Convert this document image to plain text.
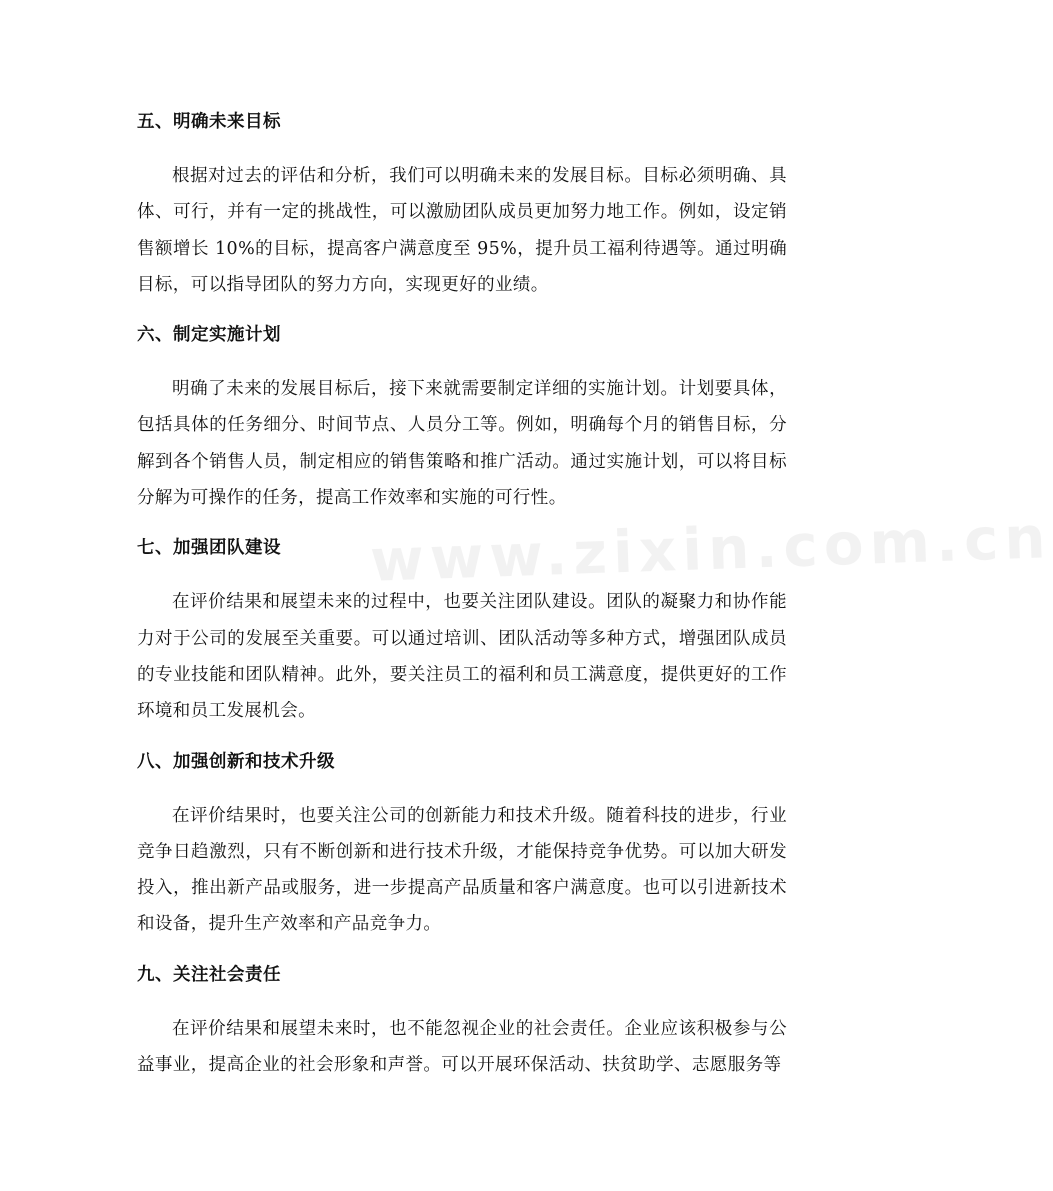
www.zixin.com.cn
五、明确未来目标

根据对过去的评估和分析，我们可以明确未来的发展目标。目标必须明确、具体、可行，并有一定的挑战性，可以激励团队成员更加努力地工作。例如，设定销售额增长 10%的目标，提高客户满意度至 95%，提升员工福利待遇等。通过明确目标，可以指导团队的努力方向，实现更好的业绩。

六、制定实施计划

明确了未来的发展目标后，接下来就需要制定详细的实施计划。计划要具体，包括具体的任务细分、时间节点、人员分工等。例如，明确每个月的销售目标，分解到各个销售人员，制定相应的销售策略和推广活动。通过实施计划，可以将目标分解为可操作的任务，提高工作效率和实施的可行性。

七、加强团队建设

在评价结果和展望未来的过程中，也要关注团队建设。团队的凝聚力和协作能力对于公司的发展至关重要。可以通过培训、团队活动等多种方式，增强团队成员的专业技能和团队精神。此外，要关注员工的福利和员工满意度，提供更好的工作环境和员工发展机会。

八、加强创新和技术升级

在评价结果时，也要关注公司的创新能力和技术升级。随着科技的进步，行业竞争日趋激烈，只有不断创新和进行技术升级，才能保持竞争优势。可以加大研发投入，推出新产品或服务，进一步提高产品质量和客户满意度。也可以引进新技术和设备，提升生产效率和产品竞争力。

九、关注社会责任

在评价结果和展望未来时，也不能忽视企业的社会责任。企业应该积极参与公益事业，提高企业的社会形象和声誉。可以开展环保活动、扶贫助学、志愿服务等
